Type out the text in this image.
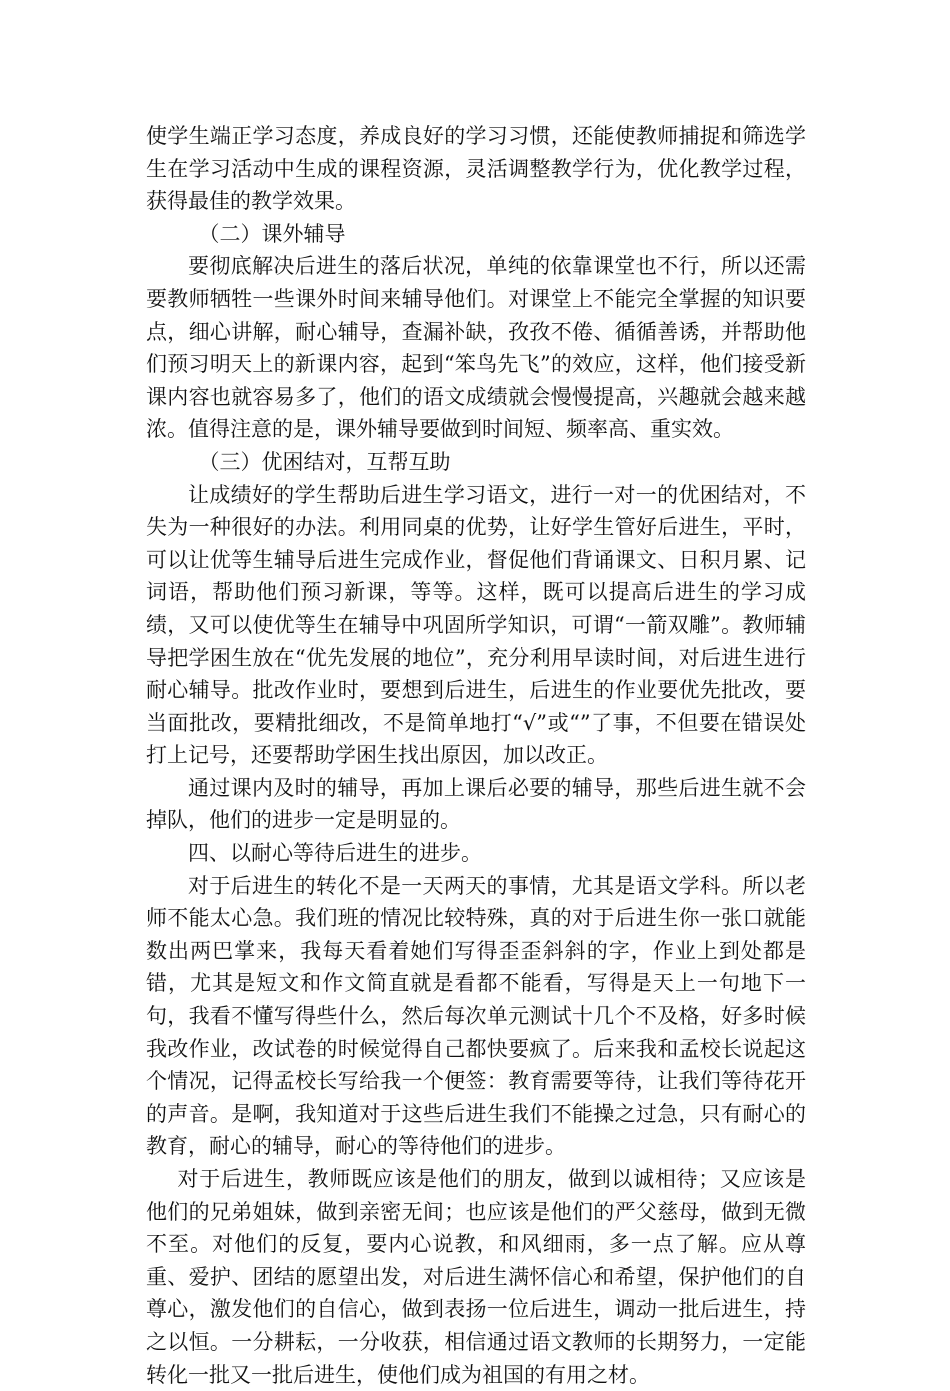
使学生端正学习态度，养成良好的学习习惯，还能使教师捕捉和筛选学生在学习活动中生成的课程资源，灵活调整教学行为，优化教学过程，获得最佳的教学效果。

（二）课外辅导

要彻底解决后进生的落后状况，单纯的依靠课堂也不行，所以还需要教师牺牲一些课外时间来辅导他们。对课堂上不能完全掌握的知识要点，细心讲解，耐心辅导，查漏补缺，孜孜不倦、循循善诱，并帮助他们预习明天上的新课内容，起到“笨鸟先飞”的效应，这样，他们接受新课内容也就容易多了，他们的语文成绩就会慢慢提高，兴趣就会越来越浓。值得注意的是，课外辅导要做到时间短、频率高、重实效。

（三）优困结对，互帮互助

让成绩好的学生帮助后进生学习语文，进行一对一的优困结对，不失为一种很好的办法。利用同桌的优势，让好学生管好后进生，平时，可以让优等生辅导后进生完成作业，督促他们背诵课文、日积月累、记词语，帮助他们预习新课，等等。这样，既可以提高后进生的学习成绩，又可以使优等生在辅导中巩固所学知识，可谓“一箭双雕”。教师辅导把学困生放在“优先发展的地位”，充分利用早读时间，对后进生进行耐心辅导。批改作业时，要想到后进生，后进生的作业要优先批改，要当面批改，要精批细改，不是简单地打“√”或“”了事，不但要在错误处打上记号，还要帮助学困生找出原因，加以改正。

通过课内及时的辅导，再加上课后必要的辅导，那些后进生就不会掉队，他们的进步一定是明显的。

四、以耐心等待后进生的进步。

对于后进生的转化不是一天两天的事情，尤其是语文学科。所以老师不能太心急。我们班的情况比较特殊，真的对于后进生你一张口就能数出两巴掌来，我每天看着她们写得歪歪斜斜的字，作业上到处都是错，尤其是短文和作文简直就是看都不能看，写得是天上一句地下一句，我看不懂写得些什么，然后每次单元测试十几个不及格，好多时候我改作业，改试卷的时候觉得自己都快要疯了。后来我和孟校长说起这个情况，记得孟校长写给我一个便签：教育需要等待，让我们等待花开的声音。是啊，我知道对于这些后进生我们不能操之过急，只有耐心的教育，耐心的辅导，耐心的等待他们的进步。

对于后进生，教师既应该是他们的朋友，做到以诚相待；又应该是他们的兄弟姐妹，做到亲密无间；也应该是他们的严父慈母，做到无微不至。对他们的反复，要内心说教，和风细雨，多一点了解。应从尊重、爱护、团结的愿望出发，对后进生满怀信心和希望，保护他们的自尊心，激发他们的自信心，做到表扬一位后进生，调动一批后进生，持之以恒。一分耕耘，一分收获，相信通过语文教师的长期努力，一定能转化一批又一批后进生，使他们成为祖国的有用之材。
